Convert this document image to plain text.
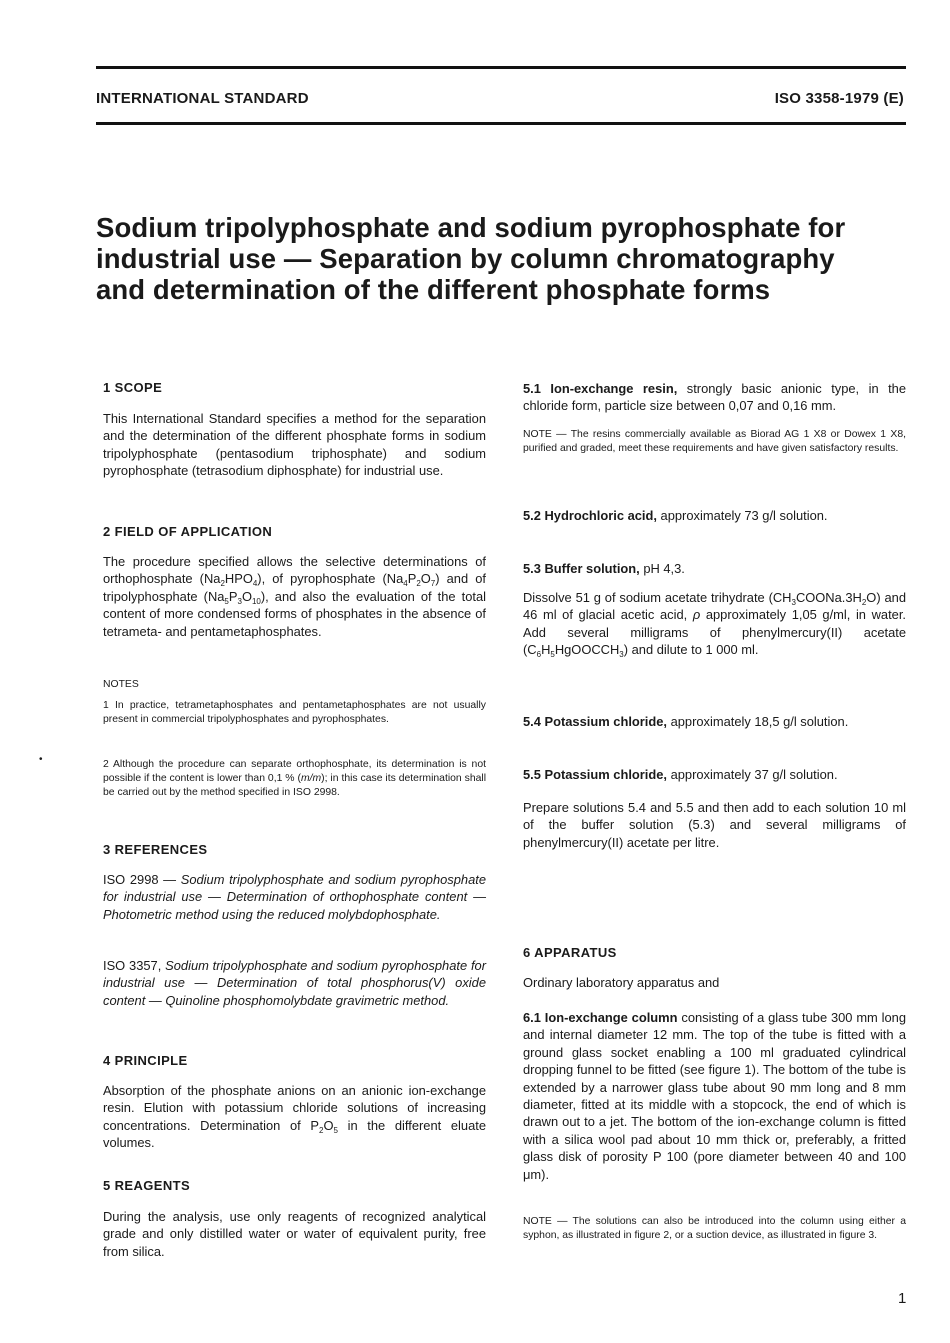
INTERNATIONAL STANDARD	ISO 3358-1979 (E)
Sodium tripolyphosphate and sodium pyrophosphate for
industrial use — Separation by column chromatography
and determination of the different phosphate forms
•
1 SCOPE
This International Standard specifies a method for the separation and the determination of the different phosphate forms in sodium tripolyphosphate (pentasodium triphosphate) and sodium pyrophosphate (tetrasodium diphosphate) for industrial use.
2 FIELD OF APPLICATION
The procedure specified allows the selective determinations of orthophosphate $(Na_2HPO_4)$, of pyrophosphate $(Na_4P_2O_7)$ and of tripolyphosphate $(Na_5P_3O_{10})$, and also the evaluation of the total content of more condensed forms of phosphates in the absence of tetrameta- and pentametaphosphates.
NOTES
1 In practice, tetrametaphosphates and pentametaphosphates are not usually present in commercial tripolyphosphates and pyrophosphates.
2 Although the procedure can separate orthophosphate, its determination is not possible if the content is lower than 0,1 % (m/m); in this case its determination shall be carried out by the method specified in ISO 2998.
3 REFERENCES
ISO 2998 — Sodium tripolyphosphate and sodium pyrophosphate for industrial use — Determination of orthophosphate content — Photometric method using the reduced molybdophosphate.
ISO 3357, Sodium tripolyphosphate and sodium pyrophosphate for industrial use — Determination of total phosphorus(V) oxide content — Quinoline phosphomolybdate gravimetric method.
4 PRINCIPLE
Absorption of the phosphate anions on an anionic ion-exchange resin. Elution with potassium chloride solutions of increasing concentrations. Determination of $P_2O_5$ in the different eluate volumes.
5 REAGENTS
During the analysis, use only reagents of recognized analytical grade and only distilled water or water of equivalent purity, free from silica.
5.1 Ion-exchange resin, strongly basic anionic type, in the chloride form, particle size between 0,07 and 0,16 mm.
NOTE — The resins commercially available as Biorad AG 1 X8 or Dowex 1 X8, purified and graded, meet these requirements and have given satisfactory results.
5.2 Hydrochloric acid, approximately 73 g/l solution.
5.3 Buffer solution, pH 4,3.
Dissolve 51 g of sodium acetate trihydrate $(CH_3COONa.3H_2O)$ and 46 ml of glacial acetic acid, ρ approximately 1,05 g/ml, in water. Add several milligrams of phenylmercury(II) acetate $(C_6H_5HgOOCCH_3)$ and dilute to 1 000 ml.
5.4 Potassium chloride, approximately 18,5 g/l solution.
5.5 Potassium chloride, approximately 37 g/l solution.
Prepare solutions 5.4 and 5.5 and then add to each solution 10 ml of the buffer solution (5.3) and several milligrams of phenylmercury(II) acetate per litre.
6 APPARATUS
Ordinary laboratory apparatus and
6.1 Ion-exchange column consisting of a glass tube 300 mm long and internal diameter 12 mm. The top of the tube is fitted with a ground glass socket enabling a 100 ml graduated cylindrical dropping funnel to be fitted (see figure 1). The bottom of the tube is extended by a narrower glass tube about 90 mm long and 8 mm diameter, fitted at its middle with a stopcock, the end of which is drawn out to a jet. The bottom of the ion-exchange column is fitted with a silica wool pad about 10 mm thick or, preferably, a fritted glass disk of porosity P 100 (pore diameter between 40 and 100 μm).
NOTE — The solutions can also be introduced into the column using either a syphon, as illustrated in figure 2, or a suction device, as illustrated in figure 3.
1
